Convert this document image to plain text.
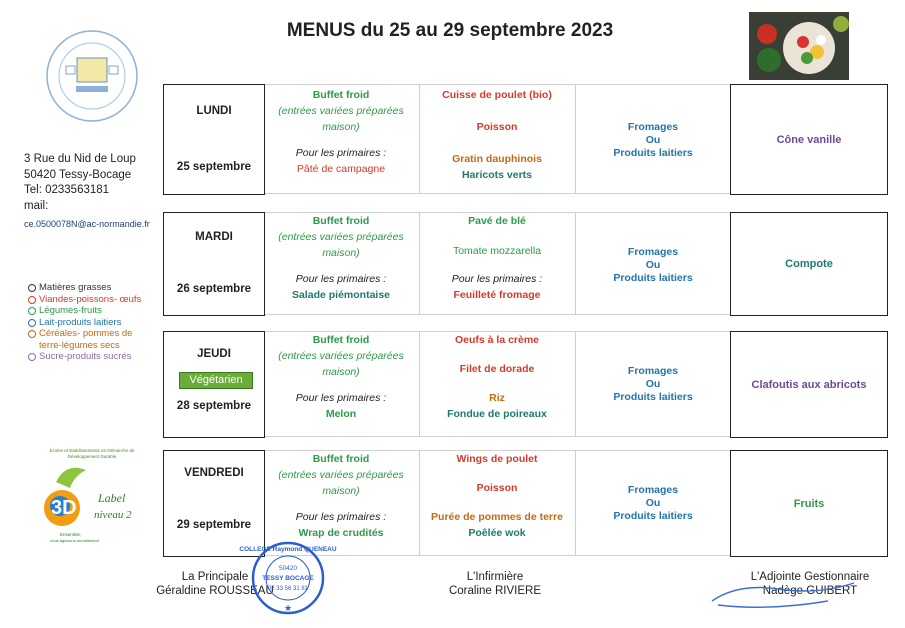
MENUS du 25 au 29 septembre 2023
3 Rue du Nid de Loup
50420 Tessy-Bocage
Tel: 0233563181
mail:
ce.0500078N@ac-normandie.fr
Matières grasses
Viandes-poissons- œufs
Légumes-fruits
Lait-produits laitiers
Céréales- pommes de terre-légumes secs
Sucre-produits sucrés
Ecoles et Etablissements en Démarche de
Développement Durable
3D Label
niveau 2
Ensemble,
nous agissons durablement
LUNDI
25 septembre
Buffet froid
(entrées variées préparées maison)
Pour les primaires :
Pâté de campagne
Cuisse de poulet (bio)
Poisson
Gratin dauphinois
Haricots verts
Fromages
Ou
Produits laitiers
Cône vanille
MARDI
26 septembre
Buffet froid
(entrées variées préparées maison)
Pour les primaires :
Salade piémontaise
Pavé de blé
Tomate mozzarella
Pour les primaires :
Feuilleté fromage
Fromages
Ou
Produits laitiers
Compote
JEUDI
Végétarien
28 septembre
Buffet froid
(entrées variées préparées maison)
Pour les primaires :
Melon
Oeufs à la crème
Filet de dorade
Riz
Fondue de poireaux
Fromages
Ou
Produits laitiers
Clafoutis aux abricots
VENDREDI
29 septembre
Buffet froid
(entrées variées préparées maison)
Pour les primaires :
Wrap de crudités
Wings de poulet
Poisson
Purée de pommes de terre
Poêlée wok
Fromages
Ou
Produits laitiers
Fruits
La Principale
Géraldine ROUSSEAU
L'Infirmière
Coraline RIVIERE
L'Adjointe Gestionnaire
Nadège GUIBERT
50420
TESSY BOCAGE
02 33 56 31 81
COLLEGE Raymond QUENEAU
★
